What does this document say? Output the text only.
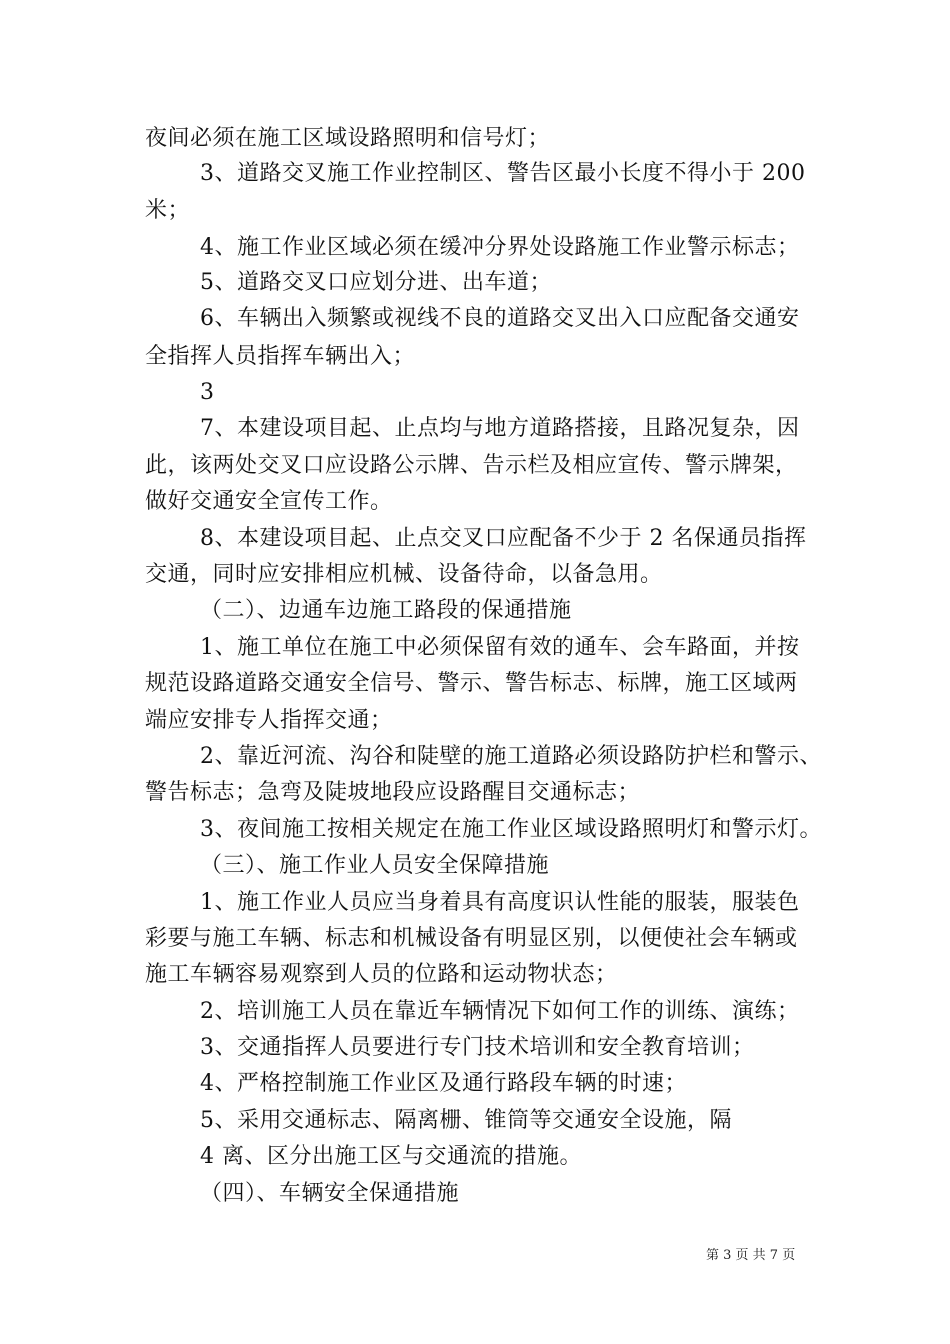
夜间必须在施工区域设路照明和信号灯；
3、道路交叉施工作业控制区、警告区最小长度不得小于 200
米；
4、施工作业区域必须在缓冲分界处设路施工作业警示标志；
5、道路交叉口应划分进、出车道；
6、车辆出入频繁或视线不良的道路交叉出入口应配备交通安
全指挥人员指挥车辆出入；
3
7、本建设项目起、止点均与地方道路搭接，且路况复杂，因
此，该两处交叉口应设路公示牌、告示栏及相应宣传、警示牌架，
做好交通安全宣传工作。
8、本建设项目起、止点交叉口应配备不少于 2 名保通员指挥
交通，同时应安排相应机械、设备待命，以备急用。
（二）、边通车边施工路段的保通措施
1、施工单位在施工中必须保留有效的通车、会车路面，并按
规范设路道路交通安全信号、警示、警告标志、标牌，施工区域两
端应安排专人指挥交通；
2、靠近河流、沟谷和陡壁的施工道路必须设路防护栏和警示、
警告标志；急弯及陡坡地段应设路醒目交通标志；
3、夜间施工按相关规定在施工作业区域设路照明灯和警示灯。
（三）、施工作业人员安全保障措施
1、施工作业人员应当身着具有高度识认性能的服装，服装色
彩要与施工车辆、标志和机械设备有明显区别，以便使社会车辆或
施工车辆容易观察到人员的位路和运动物状态；
2、培训施工人员在靠近车辆情况下如何工作的训练、演练；
3、交通指挥人员要进行专门技术培训和安全教育培训；
4、严格控制施工作业区及通行路段车辆的时速；
5、采用交通标志、隔离栅、锥筒等交通安全设施，隔
4 离、区分出施工区与交通流的措施。
（四）、车辆安全保通措施
第 3 页 共 7 页
